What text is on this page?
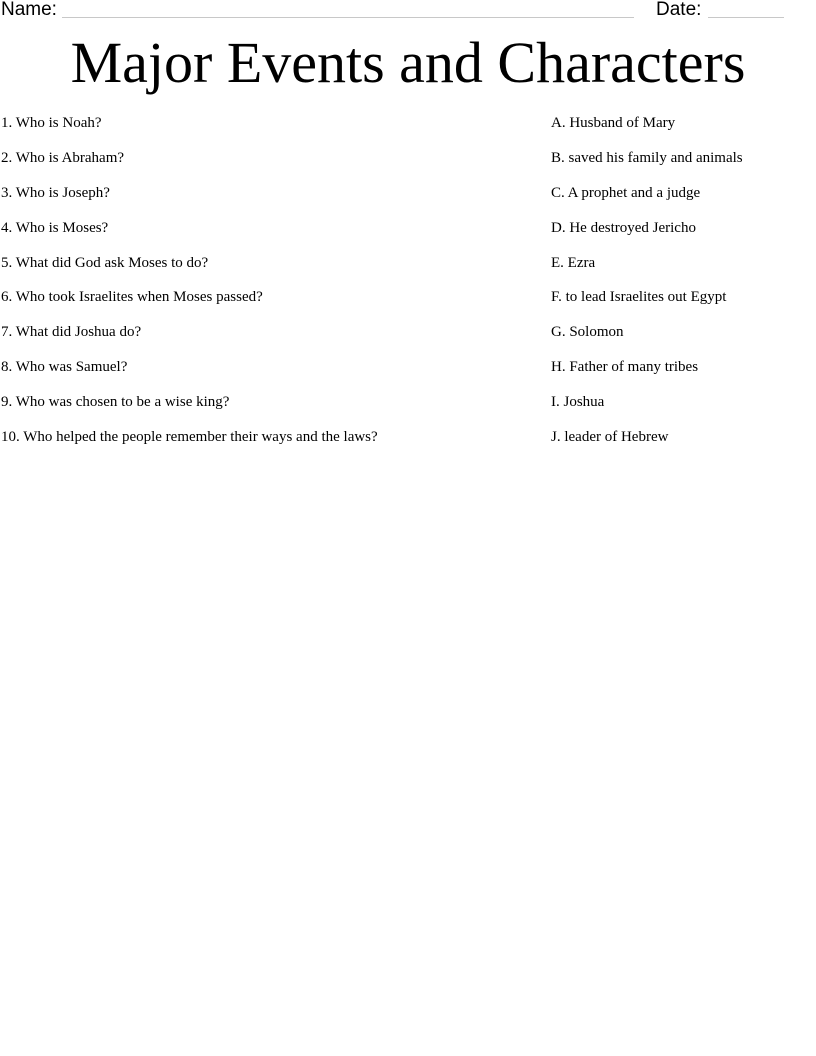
Name:	Date:
Major Events and Characters
1. Who is Noah?
2. Who is Abraham?
3. Who is Joseph?
4. Who is Moses?
5. What did God ask Moses to do?
6. Who took Israelites when Moses passed?
7. What did Joshua do?
8. Who was Samuel?
9. Who was chosen to be a wise king?
10. Who helped the people remember their ways and the laws?
A. Husband of Mary
B. saved his family and animals
C. A prophet and a judge
D. He destroyed Jericho
E. Ezra
F. to lead Israelites out Egypt
G. Solomon
H. Father of many tribes
I. Joshua
J. leader of Hebrew
